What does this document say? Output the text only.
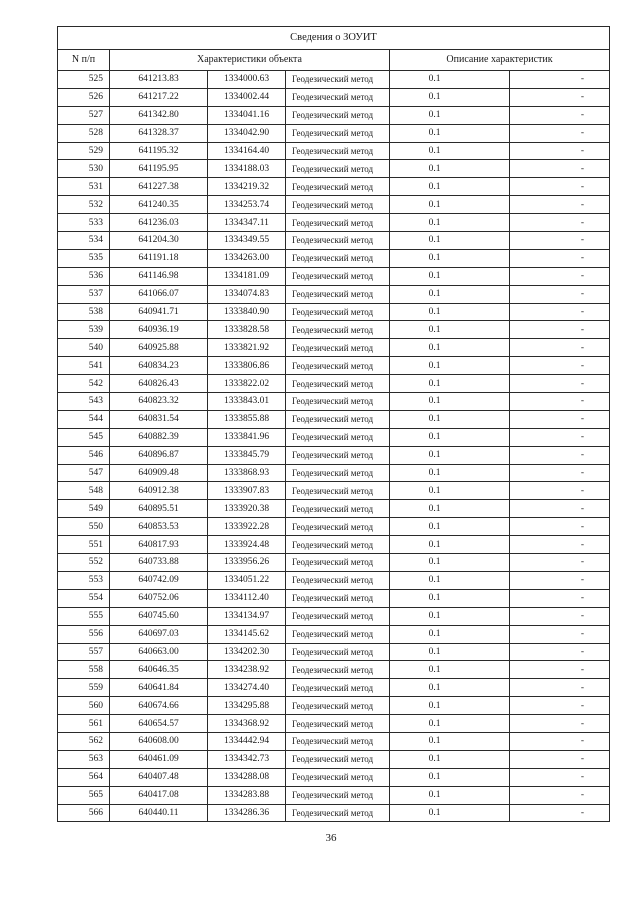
Сведения о ЗОУИТ					
N п/п	Характеристики объекта			Описание характеристик	
525	641213.83	1334000.63	Геодезический метод	0.1	-
526	641217.22	1334002.44	Геодезический метод	0.1	-
527	641342.80	1334041.16	Геодезический метод	0.1	-
528	641328.37	1334042.90	Геодезический метод	0.1	-
529	641195.32	1334164.40	Геодезический метод	0.1	-
530	641195.95	1334188.03	Геодезический метод	0.1	-
531	641227.38	1334219.32	Геодезический метод	0.1	-
532	641240.35	1334253.74	Геодезический метод	0.1	-
533	641236.03	1334347.11	Геодезический метод	0.1	-
534	641204.30	1334349.55	Геодезический метод	0.1	-
535	641191.18	1334263.00	Геодезический метод	0.1	-
536	641146.98	1334181.09	Геодезический метод	0.1	-
537	641066.07	1334074.83	Геодезический метод	0.1	-
538	640941.71	1333840.90	Геодезический метод	0.1	-
539	640936.19	1333828.58	Геодезический метод	0.1	-
540	640925.88	1333821.92	Геодезический метод	0.1	-
541	640834.23	1333806.86	Геодезический метод	0.1	-
542	640826.43	1333822.02	Геодезический метод	0.1	-
543	640823.32	1333843.01	Геодезический метод	0.1	-
544	640831.54	1333855.88	Геодезический метод	0.1	-
545	640882.39	1333841.96	Геодезический метод	0.1	-
546	640896.87	1333845.79	Геодезический метод	0.1	-
547	640909.48	1333868.93	Геодезический метод	0.1	-
548	640912.38	1333907.83	Геодезический метод	0.1	-
549	640895.51	1333920.38	Геодезический метод	0.1	-
550	640853.53	1333922.28	Геодезический метод	0.1	-
551	640817.93	1333924.48	Геодезический метод	0.1	-
552	640733.88	1333956.26	Геодезический метод	0.1	-
553	640742.09	1334051.22	Геодезический метод	0.1	-
554	640752.06	1334112.40	Геодезический метод	0.1	-
555	640745.60	1334134.97	Геодезический метод	0.1	-
556	640697.03	1334145.62	Геодезический метод	0.1	-
557	640663.00	1334202.30	Геодезический метод	0.1	-
558	640646.35	1334238.92	Геодезический метод	0.1	-
559	640641.84	1334274.40	Геодезический метод	0.1	-
560	640674.66	1334295.88	Геодезический метод	0.1	-
561	640654.57	1334368.92	Геодезический метод	0.1	-
562	640608.00	1334442.94	Геодезический метод	0.1	-
563	640461.09	1334342.73	Геодезический метод	0.1	-
564	640407.48	1334288.08	Геодезический метод	0.1	-
565	640417.08	1334283.88	Геодезический метод	0.1	-
566	640440.11	1334286.36	Геодезический метод	0.1	-
36
